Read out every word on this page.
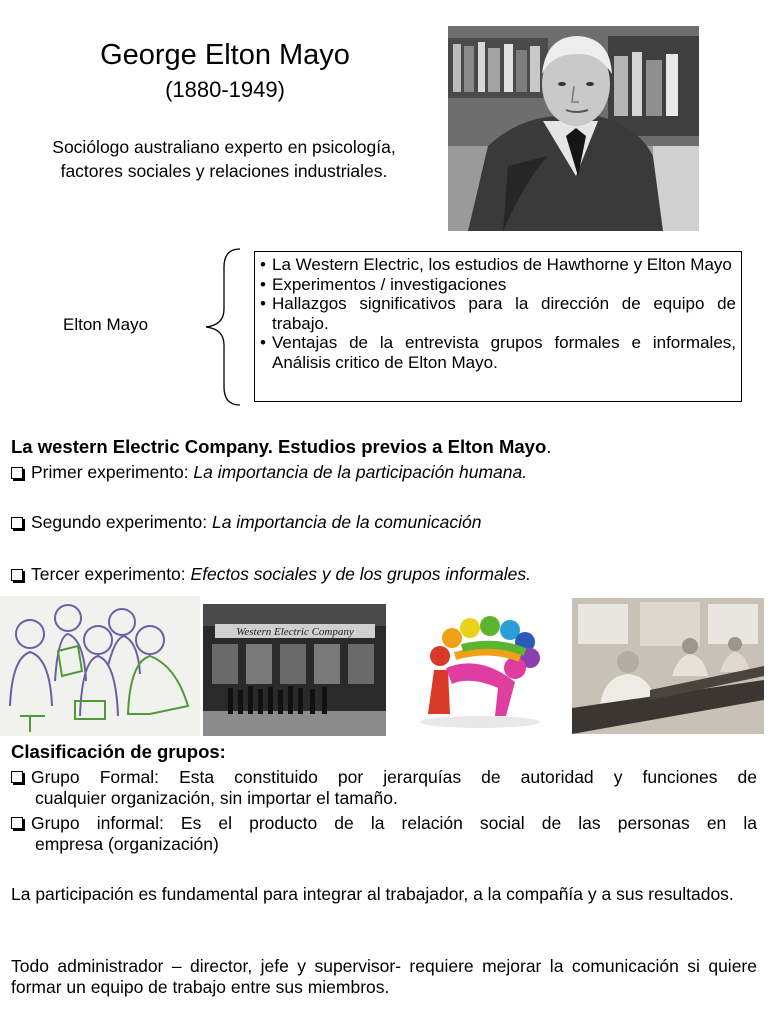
George Elton Mayo
(1880-1949)
Sociólogo australiano experto en psicología,
factores sociales y relaciones industriales.
Elton Mayo
• La Western Electric, los estudios de Hawthorne y Elton Mayo
• Experimentos / investigaciones
• Hallazgos significativos para la dirección de equipo de trabajo.
• Ventajas de la entrevista grupos formales e informales, Análisis critico de Elton Mayo.
La western Electric Company. Estudios previos a Elton Mayo.
Primer experimento: La importancia de la participación humana.
Segundo experimento: La importancia de la comunicación
Tercer experimento: Efectos sociales y de los grupos informales.
Western Electric Company
Clasificación de grupos:
Grupo Formal: Esta constituido por jerarquías de autoridad y funciones de
cualquier organización, sin importar el tamaño.
Grupo informal: Es el producto de la relación social de las personas en la
empresa (organización)
La participación es fundamental para integrar al trabajador, a la compañía y a sus resultados.
Todo administrador – director, jefe y supervisor- requiere mejorar la comunicación si quiere formar un equipo de trabajo entre sus miembros.
